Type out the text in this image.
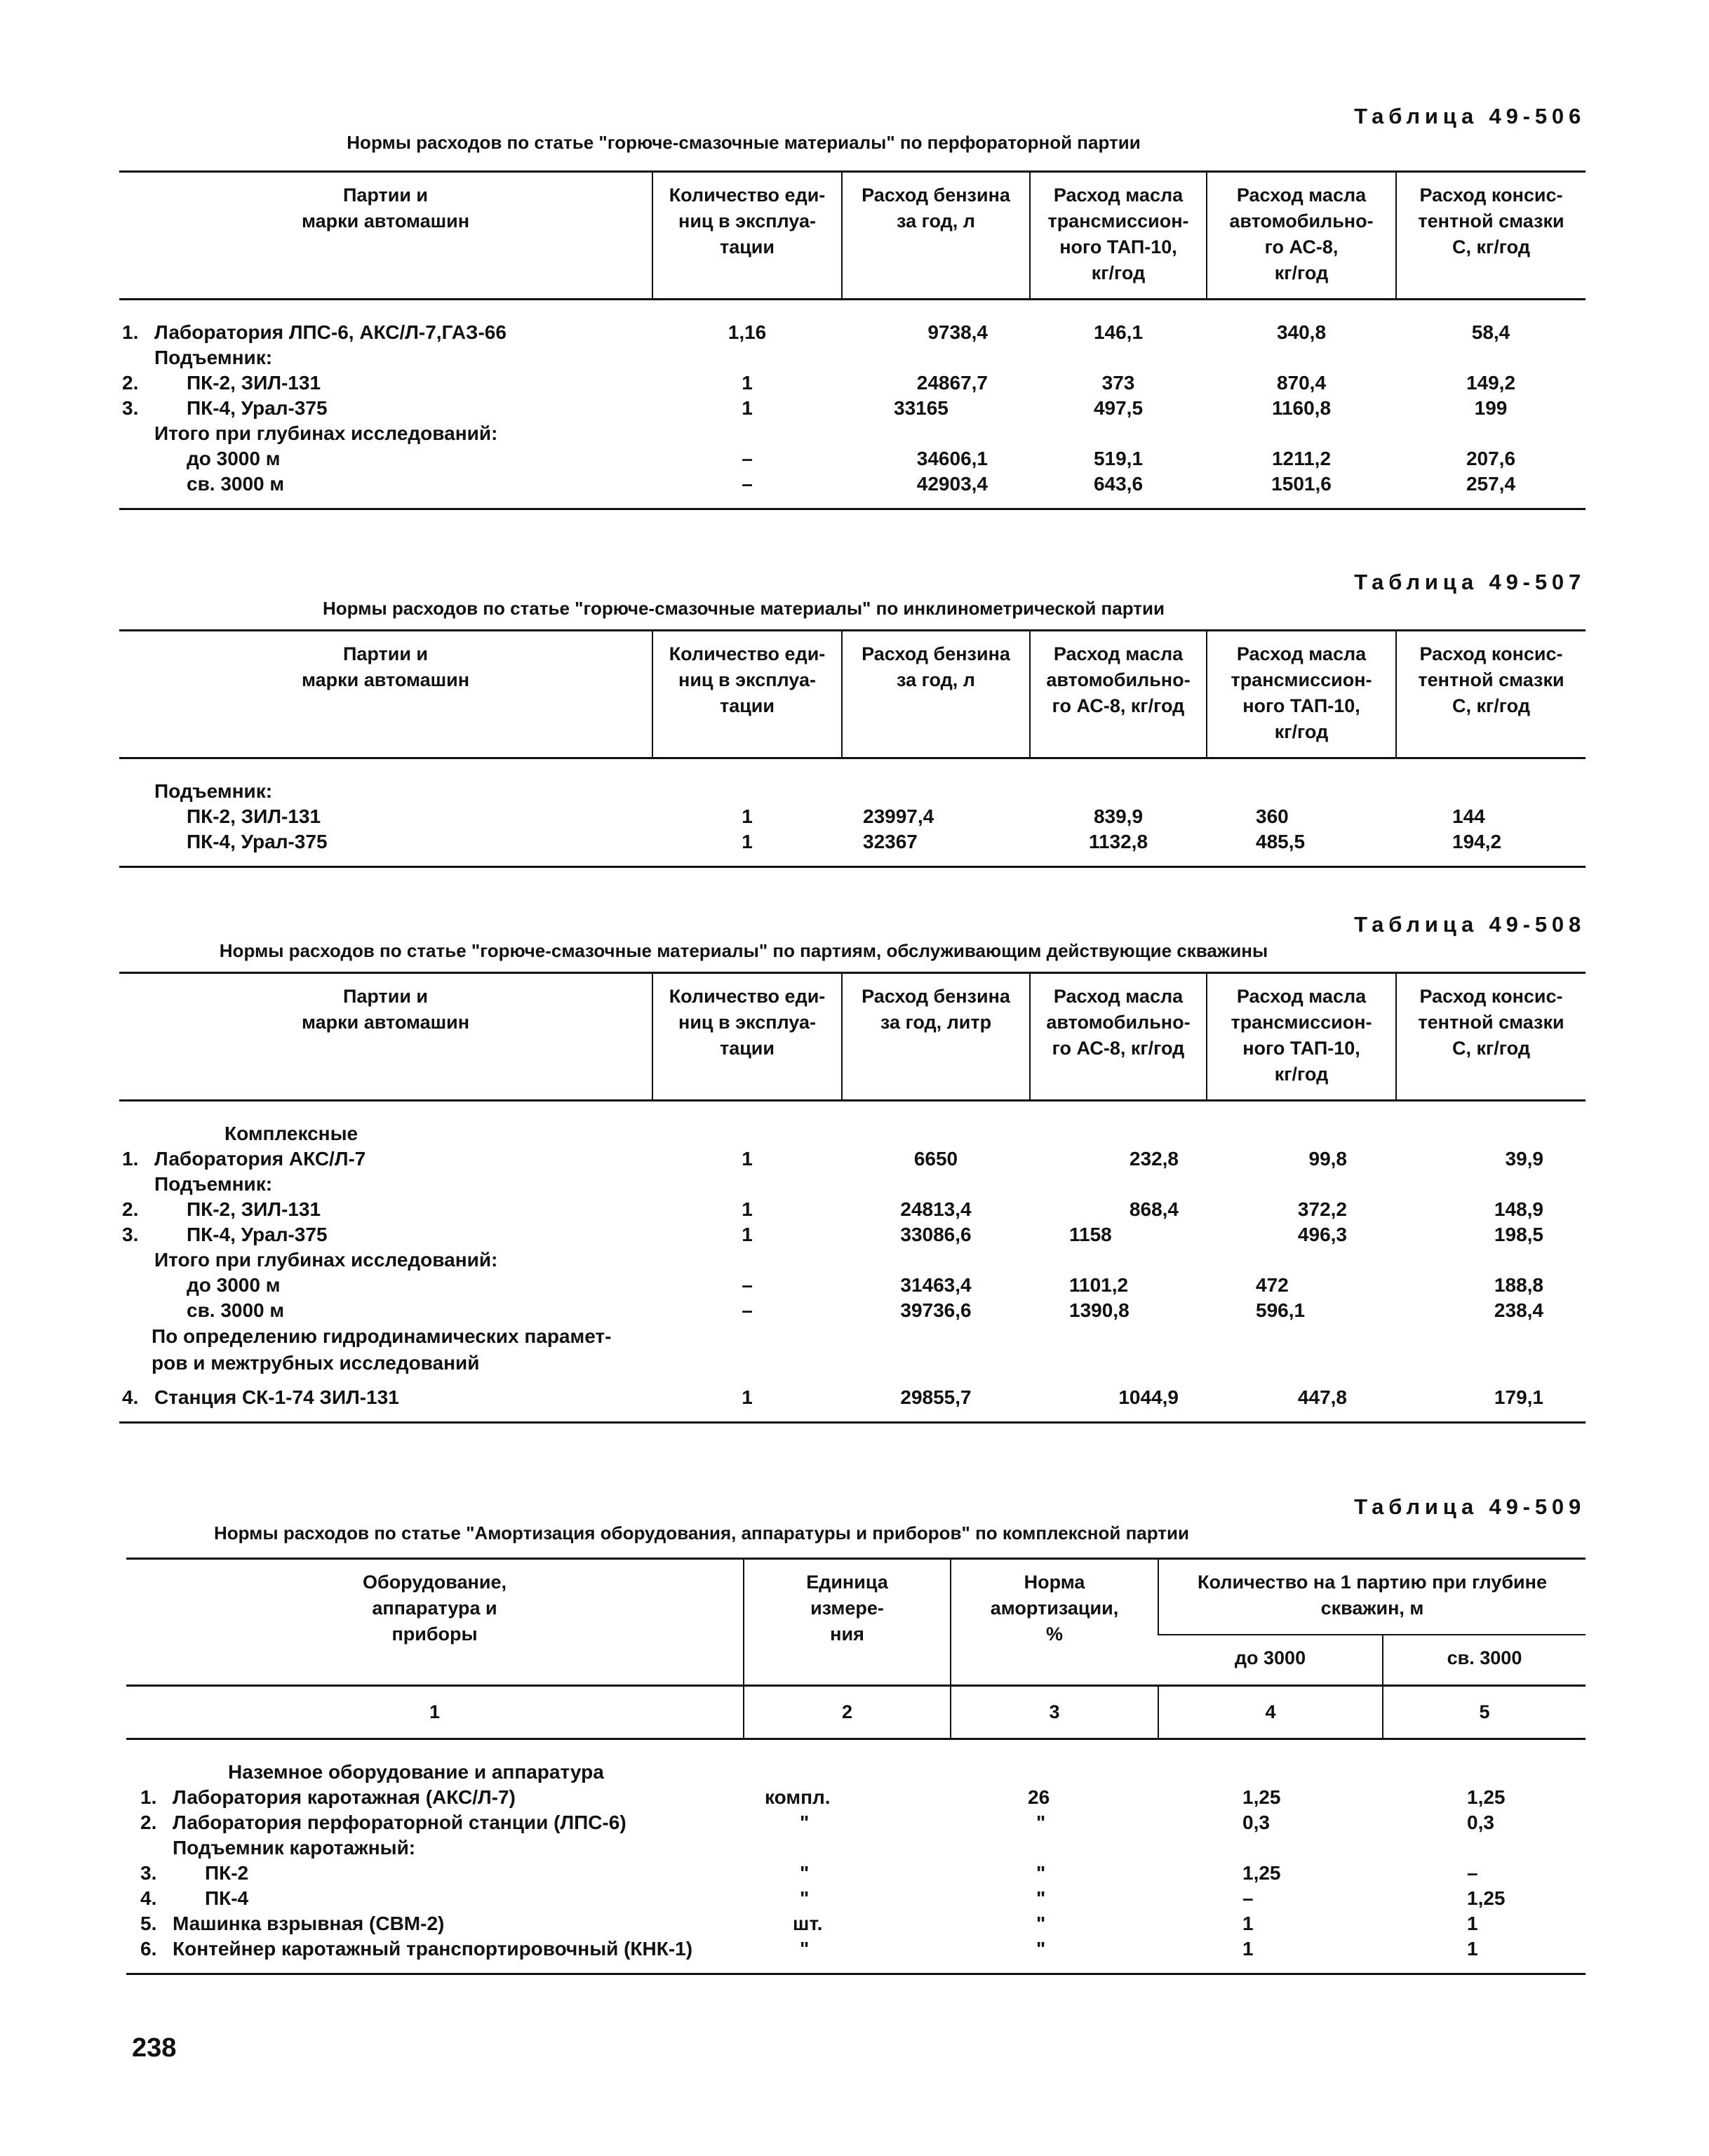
Таблица 49-506
Нормы расходов по статье "горюче-смазочные материалы" по перфораторной партии
Партии и
марки автомашин	Количество еди-
ниц в эксплуа-
тации	Расход бензина
за год, л	Расход масла
трансмиссион-
ного ТАП-10,
кг/год	Расход масла
автомобильно-
го АС-8,
кг/год	Расход консис-
тентной смазки
С, кг/год
1. Лаборатория ЛПС-6, АКС/Л-7,ГАЗ-66	1,16	9738,4	146,1	340,8	58,4
Подъемник:					
2. ПК-2, ЗИЛ-131	1	24867,7	373	870,4	149,2
3. ПК-4, Урал-375	1	33165	497,5	1160,8	199
Итого при глубинах исследований:					
до 3000 м	–	34606,1	519,1	1211,2	207,6
св. 3000 м	–	42903,4	643,6	1501,6	257,4
Таблица 49-507
Нормы расходов по статье "горюче-смазочные материалы" по инклинометрической партии
Партии и
марки автомашин	Количество еди-
ниц в эксплуа-
тации	Расход бензина
за год, л	Расход масла
автомобильно-
го АС-8, кг/год	Расход масла
трансмиссион-
ного ТАП-10,
кг/год	Расход консис-
тентной смазки
С, кг/год
Подъемник:					
ПК-2, ЗИЛ-131	1	23997,4	839,9	360	144
ПК-4, Урал-375	1	32367	1132,8	485,5	194,2
Таблица 49-508
Нормы расходов по статье "горюче-смазочные материалы" по партиям, обслуживающим действующие скважины
Партии и
марки автомашин	Количество еди-
ниц в эксплуа-
тации	Расход бензина
за год, литр	Расход масла
автомобильно-
го АС-8, кг/год	Расход масла
трансмиссион-
ного ТАП-10,
кг/год	Расход консис-
тентной смазки
С, кг/год
Комплексные					
1. Лаборатория АКС/Л-7	1	6650	232,8	99,8	39,9
Подъемник:					
2. ПК-2, ЗИЛ-131	1	24813,4	868,4	372,2	148,9
3. ПК-4, Урал-375	1	33086,6	1158	496,3	198,5
Итого при глубинах исследований:					
до 3000 м	–	31463,4	1101,2	472	188,8
св. 3000 м	–	39736,6	1390,8	596,1	238,4
По определению гидродинамических парамет-
ров и межтрубных исследований					
4. Станция СК-1-74 ЗИЛ-131	1	29855,7	1044,9	447,8	179,1
Таблица 49-509
Нормы расходов по статье "Амортизация оборудования, аппаратуры и приборов" по комплексной партии
Оборудование,
аппаратура и
приборы	Единица
измере-
ния	Норма
амортизации,
%	Количество на 1 партию при глубине
скважин, м	
			до 3000	св. 3000
1	2	3	4	5
Наземное оборудование и аппаратура				
1. Лаборатория каротажная (АКС/Л-7)	компл.	26	1,25	1,25
2. Лаборатория перфораторной станции (ЛПС-6)	"	"	0,3	0,3
Подъемник каротажный:				
3. ПК-2	"	"	1,25	–
4. ПК-4	"	"	–	1,25
5. Машинка взрывная (СВМ-2)	шт.	"	1	1
6. Контейнер каротажный транспортировочный (КНК-1)	"	"	1	1
238
